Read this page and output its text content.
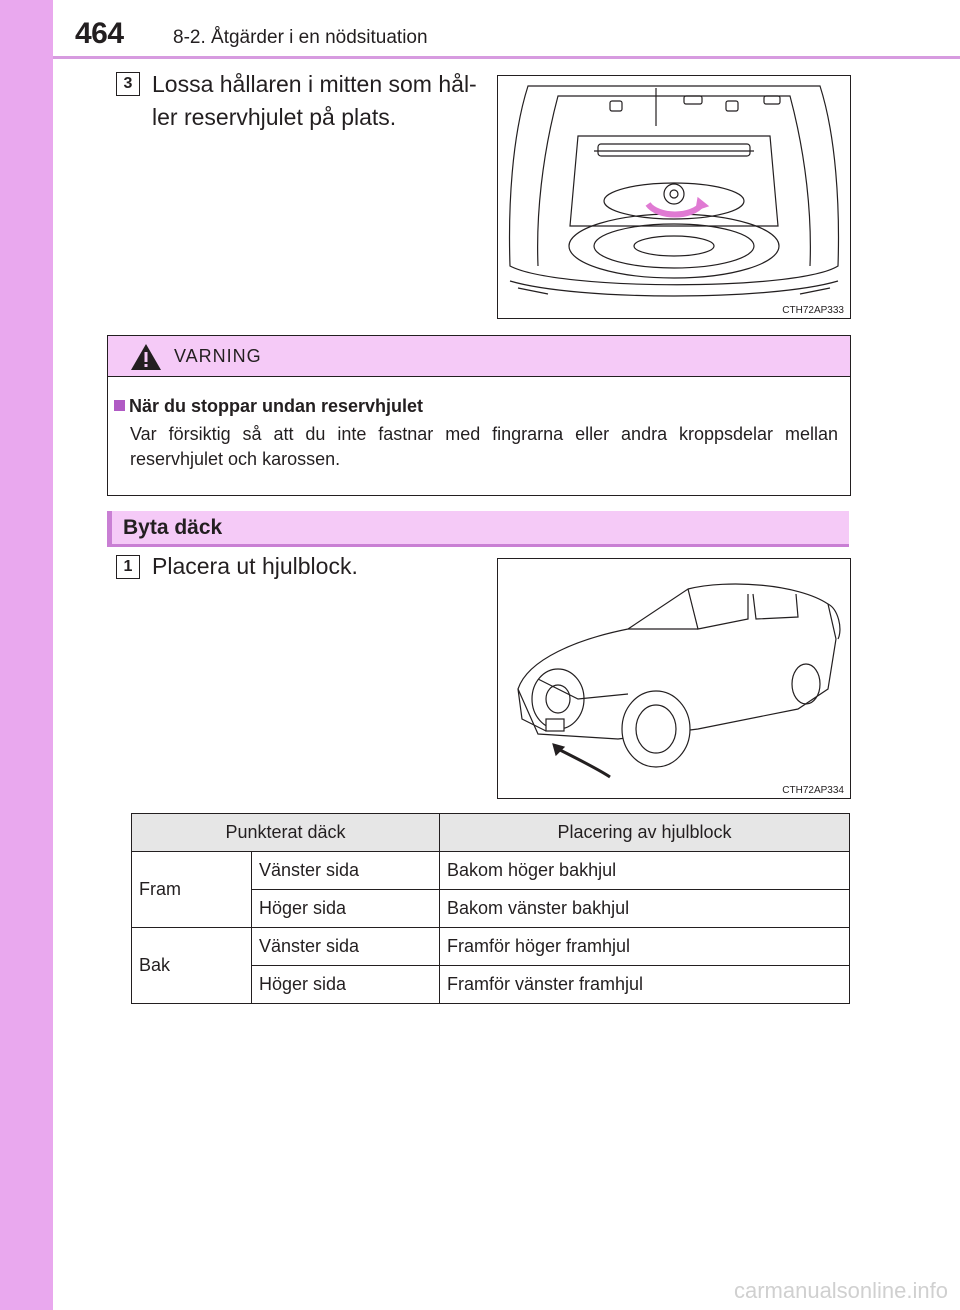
464	8-2. Åtgärder i en nödsituation
3 Lossa hållaren i mitten som hål-
ler reservhjulet på plats.
CTH72AP333
VARNING
När du stoppar undan reservhjulet
Var försiktig så att du inte fastnar med fingrarna eller andra kroppsdelar mellan reservhjulet och karossen.
Byta däck
1 Placera ut hjulblock.
CTH72AP334
Punkterat däck		Placering av hjulblock
Fram	Vänster sida	Bakom höger bakhjul
	Höger sida	Bakom vänster bakhjul
Bak	Vänster sida	Framför höger framhjul
	Höger sida	Framför vänster framhjul
carmanualsonline.info
